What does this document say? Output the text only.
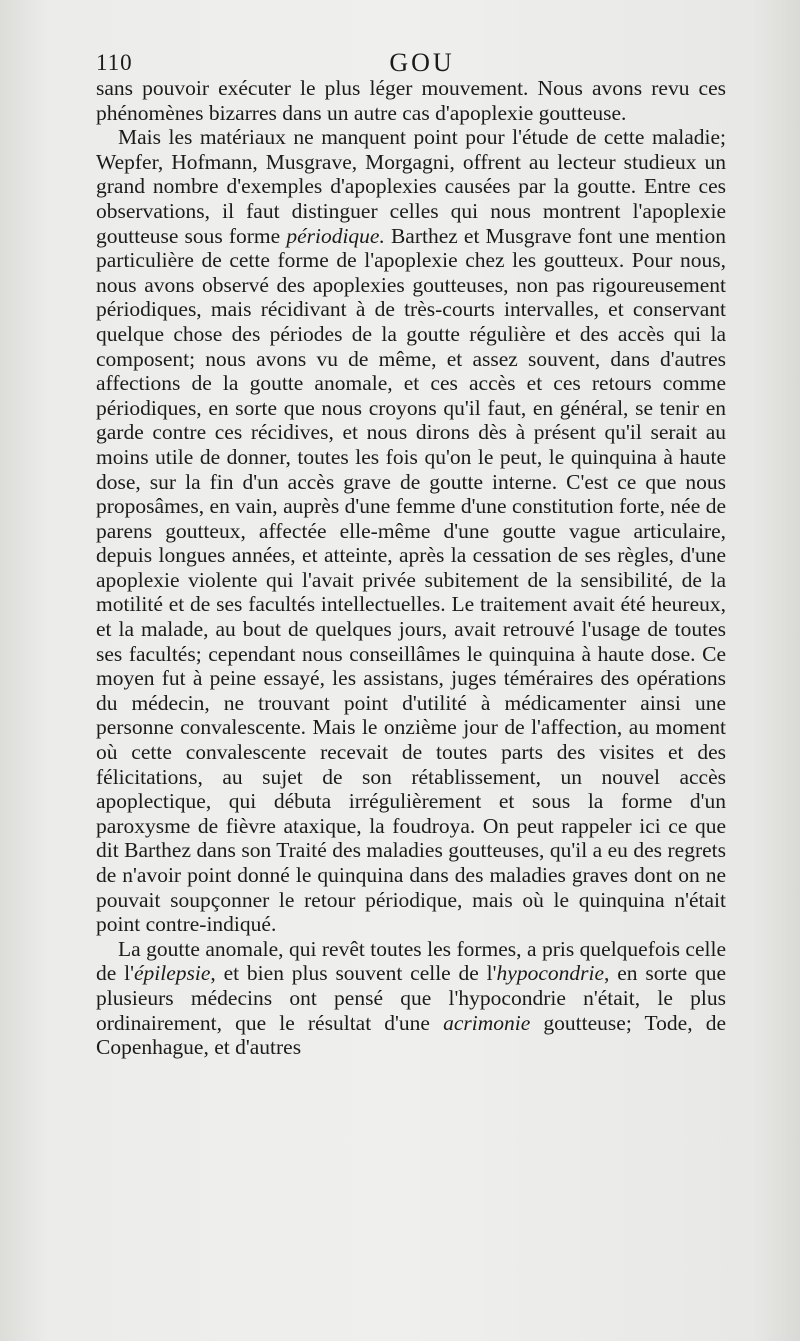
110	GOU

sans pouvoir exécuter le plus léger mouvement. Nous avons revu ces phénomènes bizarres dans un autre cas d'apoplexie goutteuse.

Mais les matériaux ne manquent point pour l'étude de cette maladie; Wepfer, Hofmann, Musgrave, Morgagni, offrent au lecteur studieux un grand nombre d'exemples d'apoplexies causées par la goutte. Entre ces observations, il faut distinguer celles qui nous montrent l'apoplexie goutteuse sous forme périodique. Barthez et Musgrave font une mention particulière de cette forme de l'apoplexie chez les goutteux. Pour nous, nous avons observé des apoplexies goutteuses, non pas rigoureusement périodiques, mais récidivant à de très-courts intervalles, et conservant quelque chose des périodes de la goutte régulière et des accès qui la composent; nous avons vu de même, et assez souvent, dans d'autres affections de la goutte anomale, et ces accès et ces retours comme périodiques, en sorte que nous croyons qu'il faut, en général, se tenir en garde contre ces récidives, et nous dirons dès à présent qu'il serait au moins utile de donner, toutes les fois qu'on le peut, le quinquina à haute dose, sur la fin d'un accès grave de goutte interne. C'est ce que nous proposâmes, en vain, auprès d'une femme d'une constitution forte, née de parens goutteux, affectée elle-même d'une goutte vague articulaire, depuis longues années, et atteinte, après la cessation de ses règles, d'une apoplexie violente qui l'avait privée subitement de la sensibilité, de la motilité et de ses facultés intellectuelles. Le traitement avait été heureux, et la malade, au bout de quelques jours, avait retrouvé l'usage de toutes ses facultés; cependant nous conseillâmes le quinquina à haute dose. Ce moyen fut à peine essayé, les assistans, juges téméraires des opérations du médecin, ne trouvant point d'utilité à médicamenter ainsi une personne convalescente. Mais le onzième jour de l'affection, au moment où cette convalescente recevait de toutes parts des visites et des félicitations, au sujet de son rétablissement, un nouvel accès apoplectique, qui débuta irrégulièrement et sous la forme d'un paroxysme de fièvre ataxique, la foudroya. On peut rappeler ici ce que dit Barthez dans son Traité des maladies goutteuses, qu'il a eu des regrets de n'avoir point donné le quinquina dans des maladies graves dont on ne pouvait soupçonner le retour périodique, mais où le quinquina n'était point contre-indiqué.

La goutte anomale, qui revêt toutes les formes, a pris quelquefois celle de l'épilepsie, et bien plus souvent celle de l'hypocondrie, en sorte que plusieurs médecins ont pensé que l'hypocondrie n'était, le plus ordinairement, que le résultat d'une acrimonie goutteuse; Tode, de Copenhague, et d'autres
